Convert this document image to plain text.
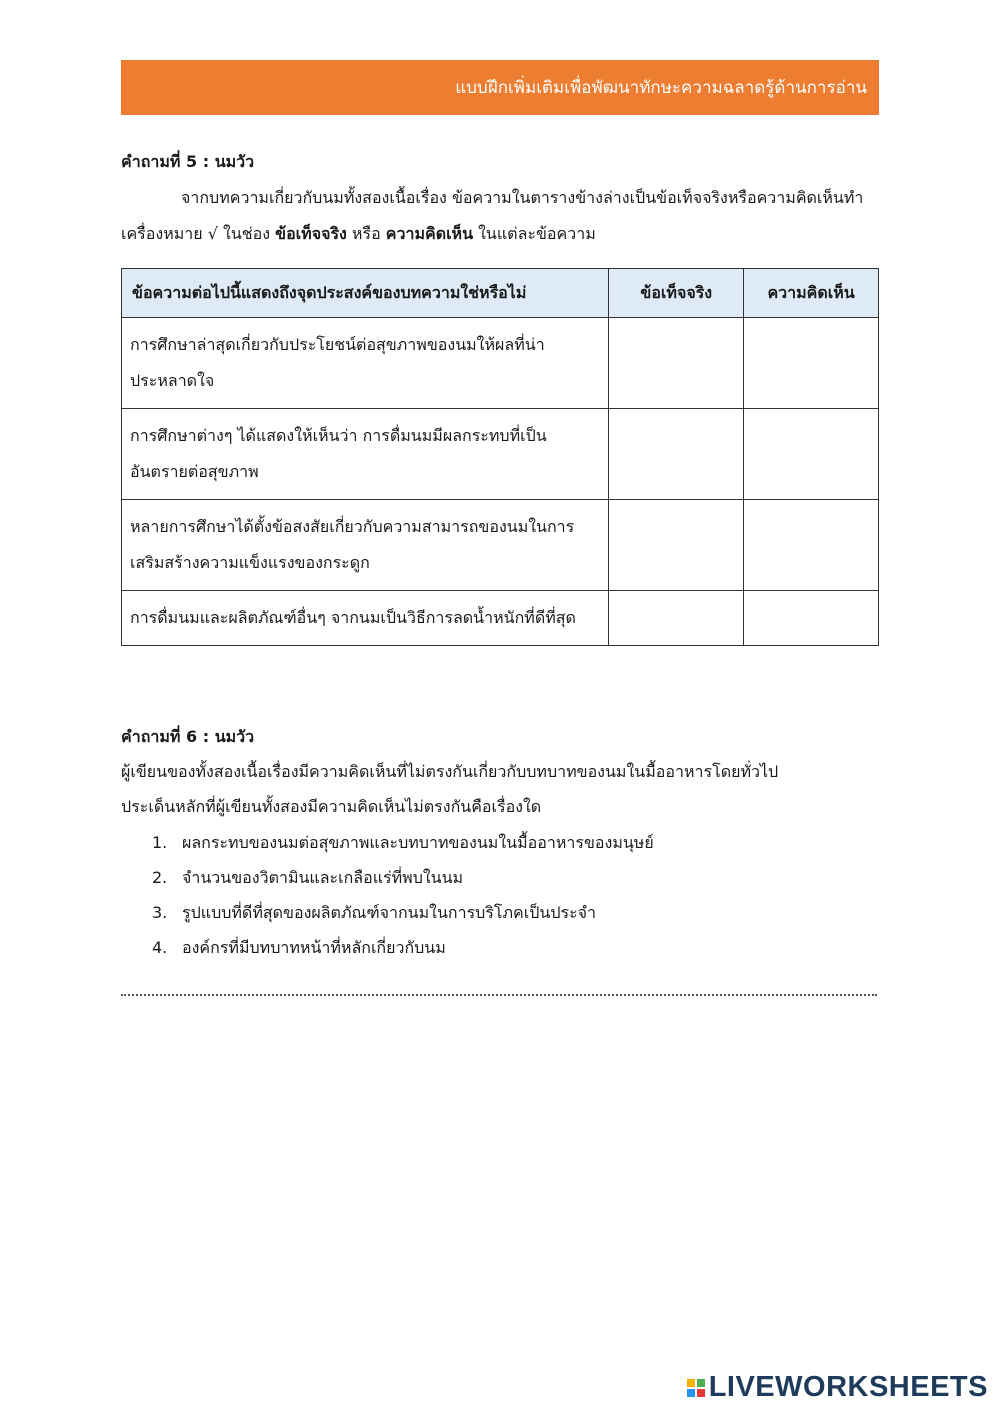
แบบฝึกเพิ่มเติมเพื่อพัฒนาทักษะความฉลาดรู้ด้านการอ่าน
คำถามที่ 5 : นมวัว
จากบทความเกี่ยวกับนมทั้งสองเนื้อเรื่อง ข้อความในตารางข้างล่างเป็นข้อเท็จจริงหรือความคิดเห็นทำ
เครื่องหมาย √ ในช่อง ข้อเท็จจริง หรือ ความคิดเห็น ในแต่ละข้อความ
ข้อความต่อไปนี้แสดงถึงจุดประสงค์ของบทความใช่หรือไม่	ข้อเท็จจริง	ความคิดเห็น

การศึกษาล่าสุดเกี่ยวกับประโยชน์ต่อสุขภาพของนมให้ผลที่น่า
ประหลาดใจ		

การศึกษาต่างๆ ได้แสดงให้เห็นว่า การดื่มนมมีผลกระทบที่เป็น
อันตรายต่อสุขภาพ		

หลายการศึกษาได้ตั้งข้อสงสัยเกี่ยวกับความสามารถของนมในการ
เสริมสร้างความแข็งแรงของกระดูก		

การดื่มนมและผลิตภัณฑ์อื่นๆ จากนมเป็นวิธีการลดน้ำหนักที่ดีที่สุด		

คำถามที่ 6 : นมวัว
ผู้เขียนของทั้งสองเนื้อเรื่องมีความคิดเห็นที่ไม่ตรงกันเกี่ยวกับบทบาทของนมในมื้ออาหารโดยทั่วไป
ประเด็นหลักที่ผู้เขียนทั้งสองมีความคิดเห็นไม่ตรงกันคือเรื่องใด
1. ผลกระทบของนมต่อสุขภาพและบทบาทของนมในมื้ออาหารของมนุษย์
2. จำนวนของวิตามินและเกลือแร่ที่พบในนม
3. รูปแบบที่ดีที่สุดของผลิตภัณฑ์จากนมในการบริโภคเป็นประจำ
4. องค์กรที่มีบทบาทหน้าที่หลักเกี่ยวกับนม
LIVEWORKSHEETS
